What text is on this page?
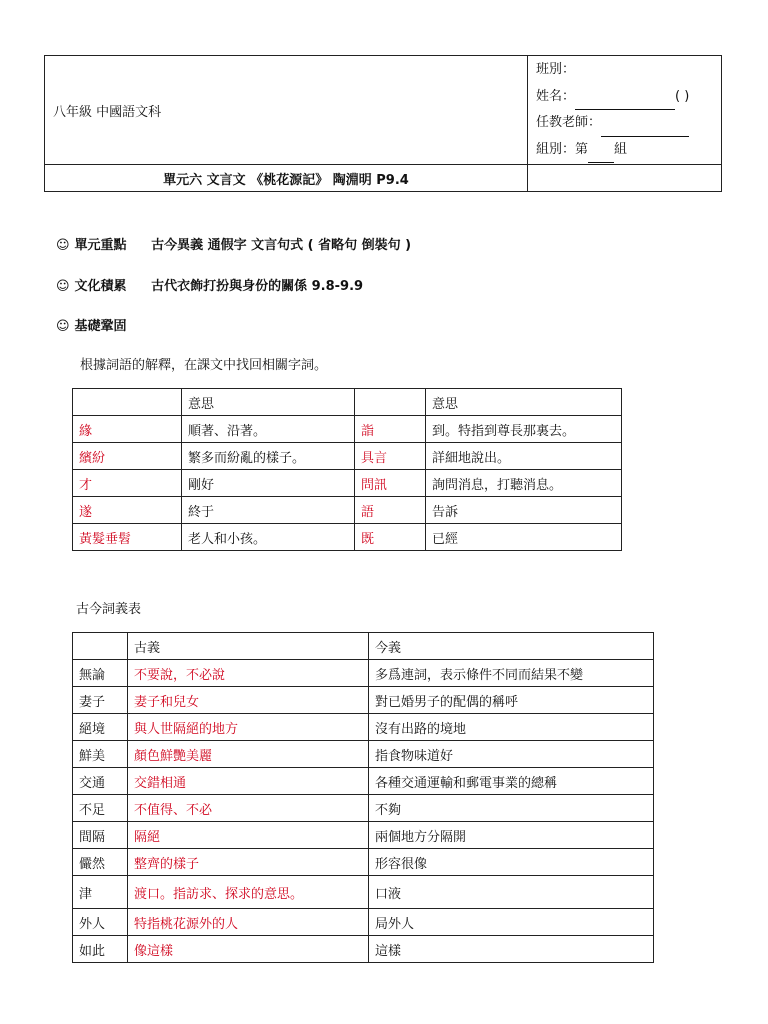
八年級 中國語文科	班別：
姓名： ( )
任教老師：
組別：第 組

單元六 文言文 《桃花源記》 陶淵明 P9.4	
☺ 單元重點 古今異義 通假字 文言句式 ( 省略句 倒裝句 )
☺ 文化積累 古代衣飾打扮與身份的關係 9.8-9.9
☺ 基礎鞏固
根據詞語的解釋，在課文中找回相關字詞。
	意思		意思
緣	順著、沿著。	詣	到。特指到尊長那裏去。
繽紛	繁多而紛亂的樣子。	具言	詳細地說出。
才	剛好	問訊	詢問消息，打聽消息。
遂	終于	語	告訴
黃髮垂髫	老人和小孩。	既	已經
古今詞義表
	古義	今義
無論	不要說，不必說	多爲連詞，表示條件不同而結果不變
妻子	妻子和兒女	對已婚男子的配偶的稱呼
絕境	與人世隔絕的地方	沒有出路的境地
鮮美	顏色鮮艷美麗	指食物味道好
交通	交錯相通	各種交通運輸和郵電事業的總稱
不足	不值得、不必	不夠
間隔	隔絕	兩個地方分隔開
儼然	整齊的樣子	形容很像
津	渡口。指訪求、探求的意思。	口液
外人	特指桃花源外的人	局外人
如此	像這樣	這樣
